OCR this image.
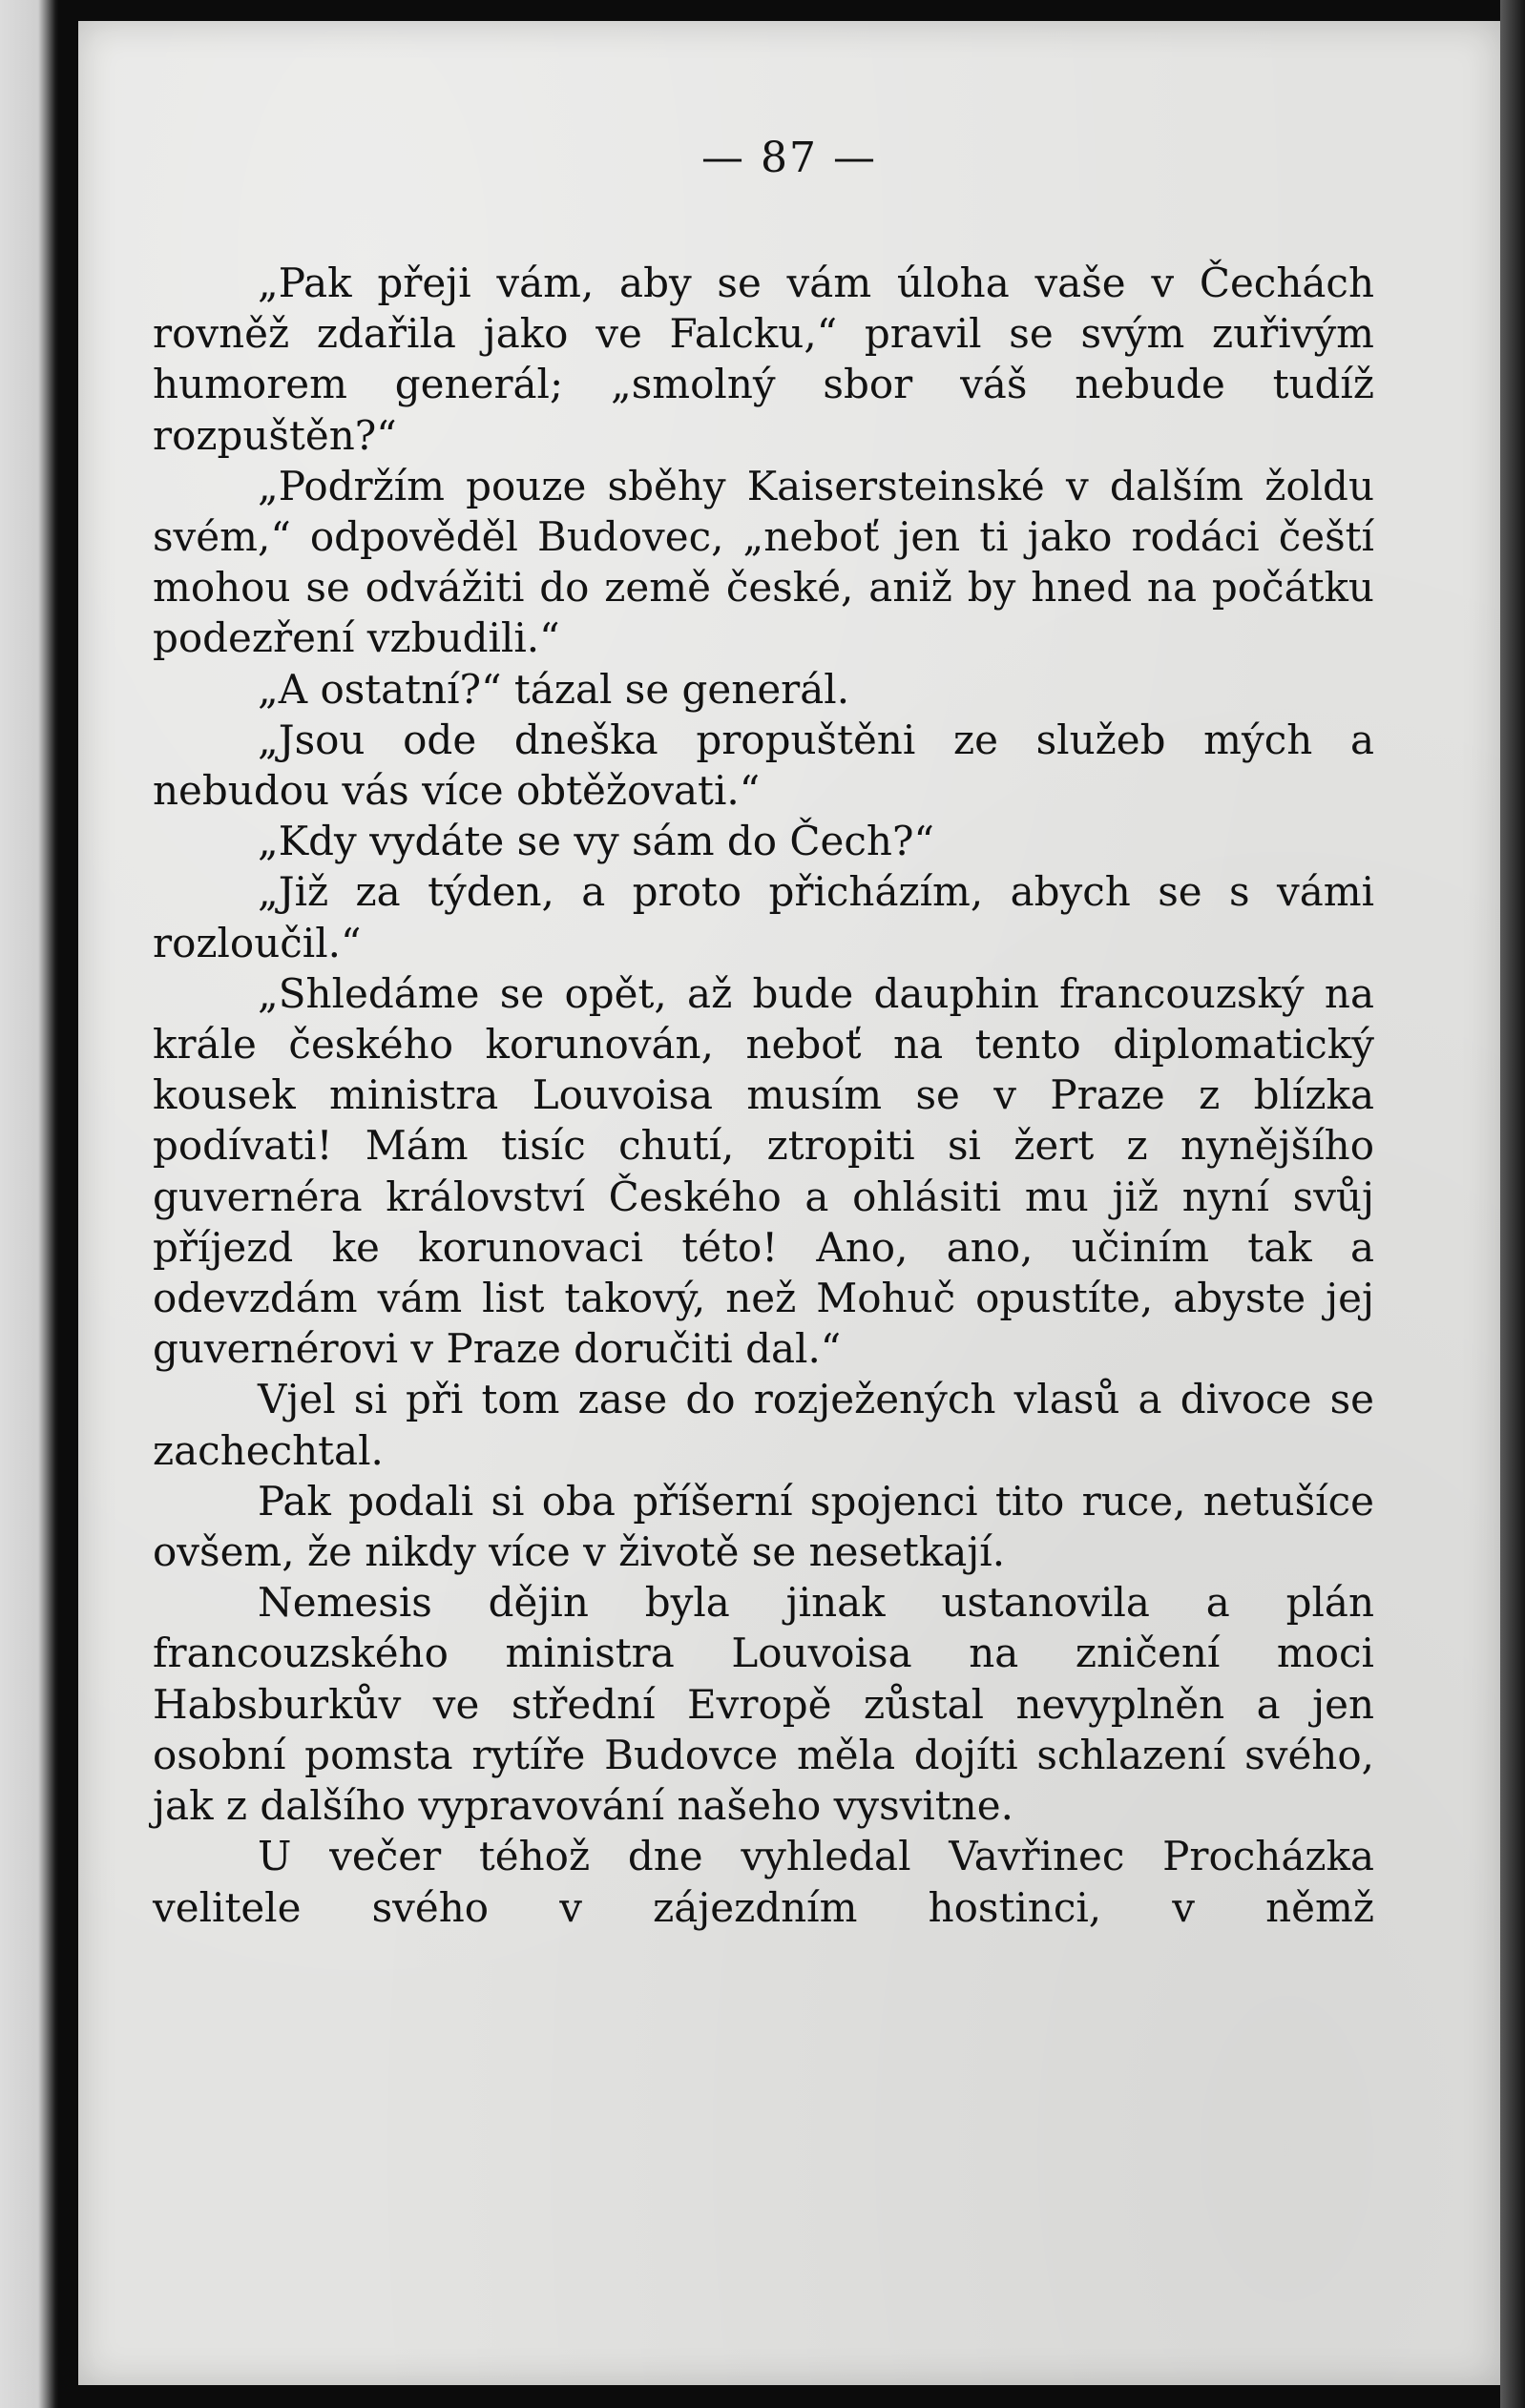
— 87 —

„Pak přeji vám, aby se vám úloha vaše v Čechách rovněž zdařila jako ve Falcku,“ pravil se svým zuřivým humorem generál; „smolný sbor váš nebude tudíž rozpuštěn?“

„Podržím pouze sběhy Kaisersteinské v dalším žoldu svém,“ odpověděl Budovec, „neboť jen ti jako rodáci čeští mohou se odvážiti do země české, aniž by hned na počátku podezření vzbudili.“

„A ostatní?“ tázal se generál.

„Jsou ode dneška propuštěni ze služeb mých a nebudou vás více obtěžovati.“

„Kdy vydáte se vy sám do Čech?“

„Již za týden, a proto přicházím, abych se s vámi rozloučil.“

„Shledáme se opět, až bude dauphin francouzský na krále českého korunován, neboť na tento diplomatický kousek ministra Louvoisa musím se v Praze z blízka podívati! Mám tisíc chutí, ztropiti si žert z nynějšího guvernéra království Českého a ohlásiti mu již nyní svůj příjezd ke korunovaci této! Ano, ano, učiním tak a odevzdám vám list takový, než Mohuč opustíte, abyste jej guvernérovi v Praze doručiti dal.“

Vjel si při tom zase do rozježených vlasů a divoce se zachechtal.

Pak podali si oba příšerní spojenci tito ruce, netušíce ovšem, že nikdy více v životě se nesetkají.

Nemesis dějin byla jinak ustanovila a plán francouzského ministra Louvoisa na zničení moci Habsburkův ve střední Evropě zůstal nevyplněn a jen osobní pomsta rytíře Budovce měla dojíti schlazení svého, jak z dalšího vypravování našeho vysvitne.

U večer téhož dne vyhledal Vavřinec Procházka velitele svého v zájezdním hostinci, v němž
